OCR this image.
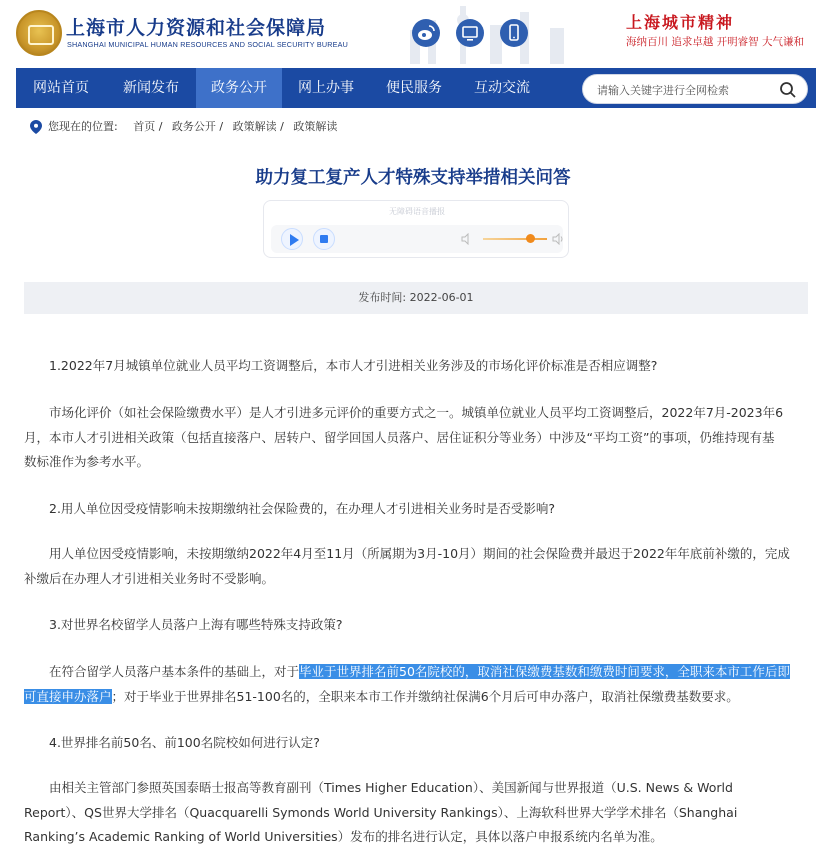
上海市人力资源和社会保障局
SHANGHAI MUNICIPAL HUMAN RESOURCES AND SOCIAL SECURITY BUREAU
上海城市精神
海纳百川 追求卓越 开明睿智 大气谦和
网站首页	新闻发布	政务公开	网上办事	便民服务	互动交流
请输入关键字进行全网检索
您现在的位置: 首页 / 政务公开 / 政策解读 / 政策解读
助力复工复产人才特殊支持举措相关问答
无障碍语音播报
发布时间: 2022-06-01
1.2022年7月城镇单位就业人员平均工资调整后，本市人才引进相关业务涉及的市场化评价标准是否相应调整?
市场化评价（如社会保险缴费水平）是人才引进多元评价的重要方式之一。城镇单位就业人员平均工资调整后，2022年7月-2023年6
月，本市人才引进相关政策（包括直接落户、居转户、留学回国人员落户、居住证积分等业务）中涉及“平均工资”的事项，仍维持现有基
数标准作为参考水平。
2.用人单位因受疫情影响未按期缴纳社会保险费的，在办理人才引进相关业务时是否受影响?
用人单位因受疫情影响，未按期缴纳2022年4月至11月（所属期为3月-10月）期间的社会保险费并最迟于2022年年底前补缴的，完成
补缴后在办理人才引进相关业务时不受影响。
3.对世界名校留学人员落户上海有哪些特殊支持政策?
在符合留学人员落户基本条件的基础上，对于毕业于世界排名前50名院校的，取消社保缴费基数和缴费时间要求，全职来本市工作后即
可直接申办落户；对于毕业于世界排名51-100名的，全职来本市工作并缴纳社保满6个月后可申办落户，取消社保缴费基数要求。
4.世界排名前50名、前100名院校如何进行认定?
由相关主管部门参照英国泰晤士报高等教育副刊（Times Higher Education）、美国新闻与世界报道（U.S. News & World
Report）、QS世界大学排名（Quacquarelli Symonds World University Rankings）、上海软科世界大学学术排名（Shanghai
Ranking’s Academic Ranking of World Universities）发布的排名进行认定，具体以落户申报系统内名单为准。
